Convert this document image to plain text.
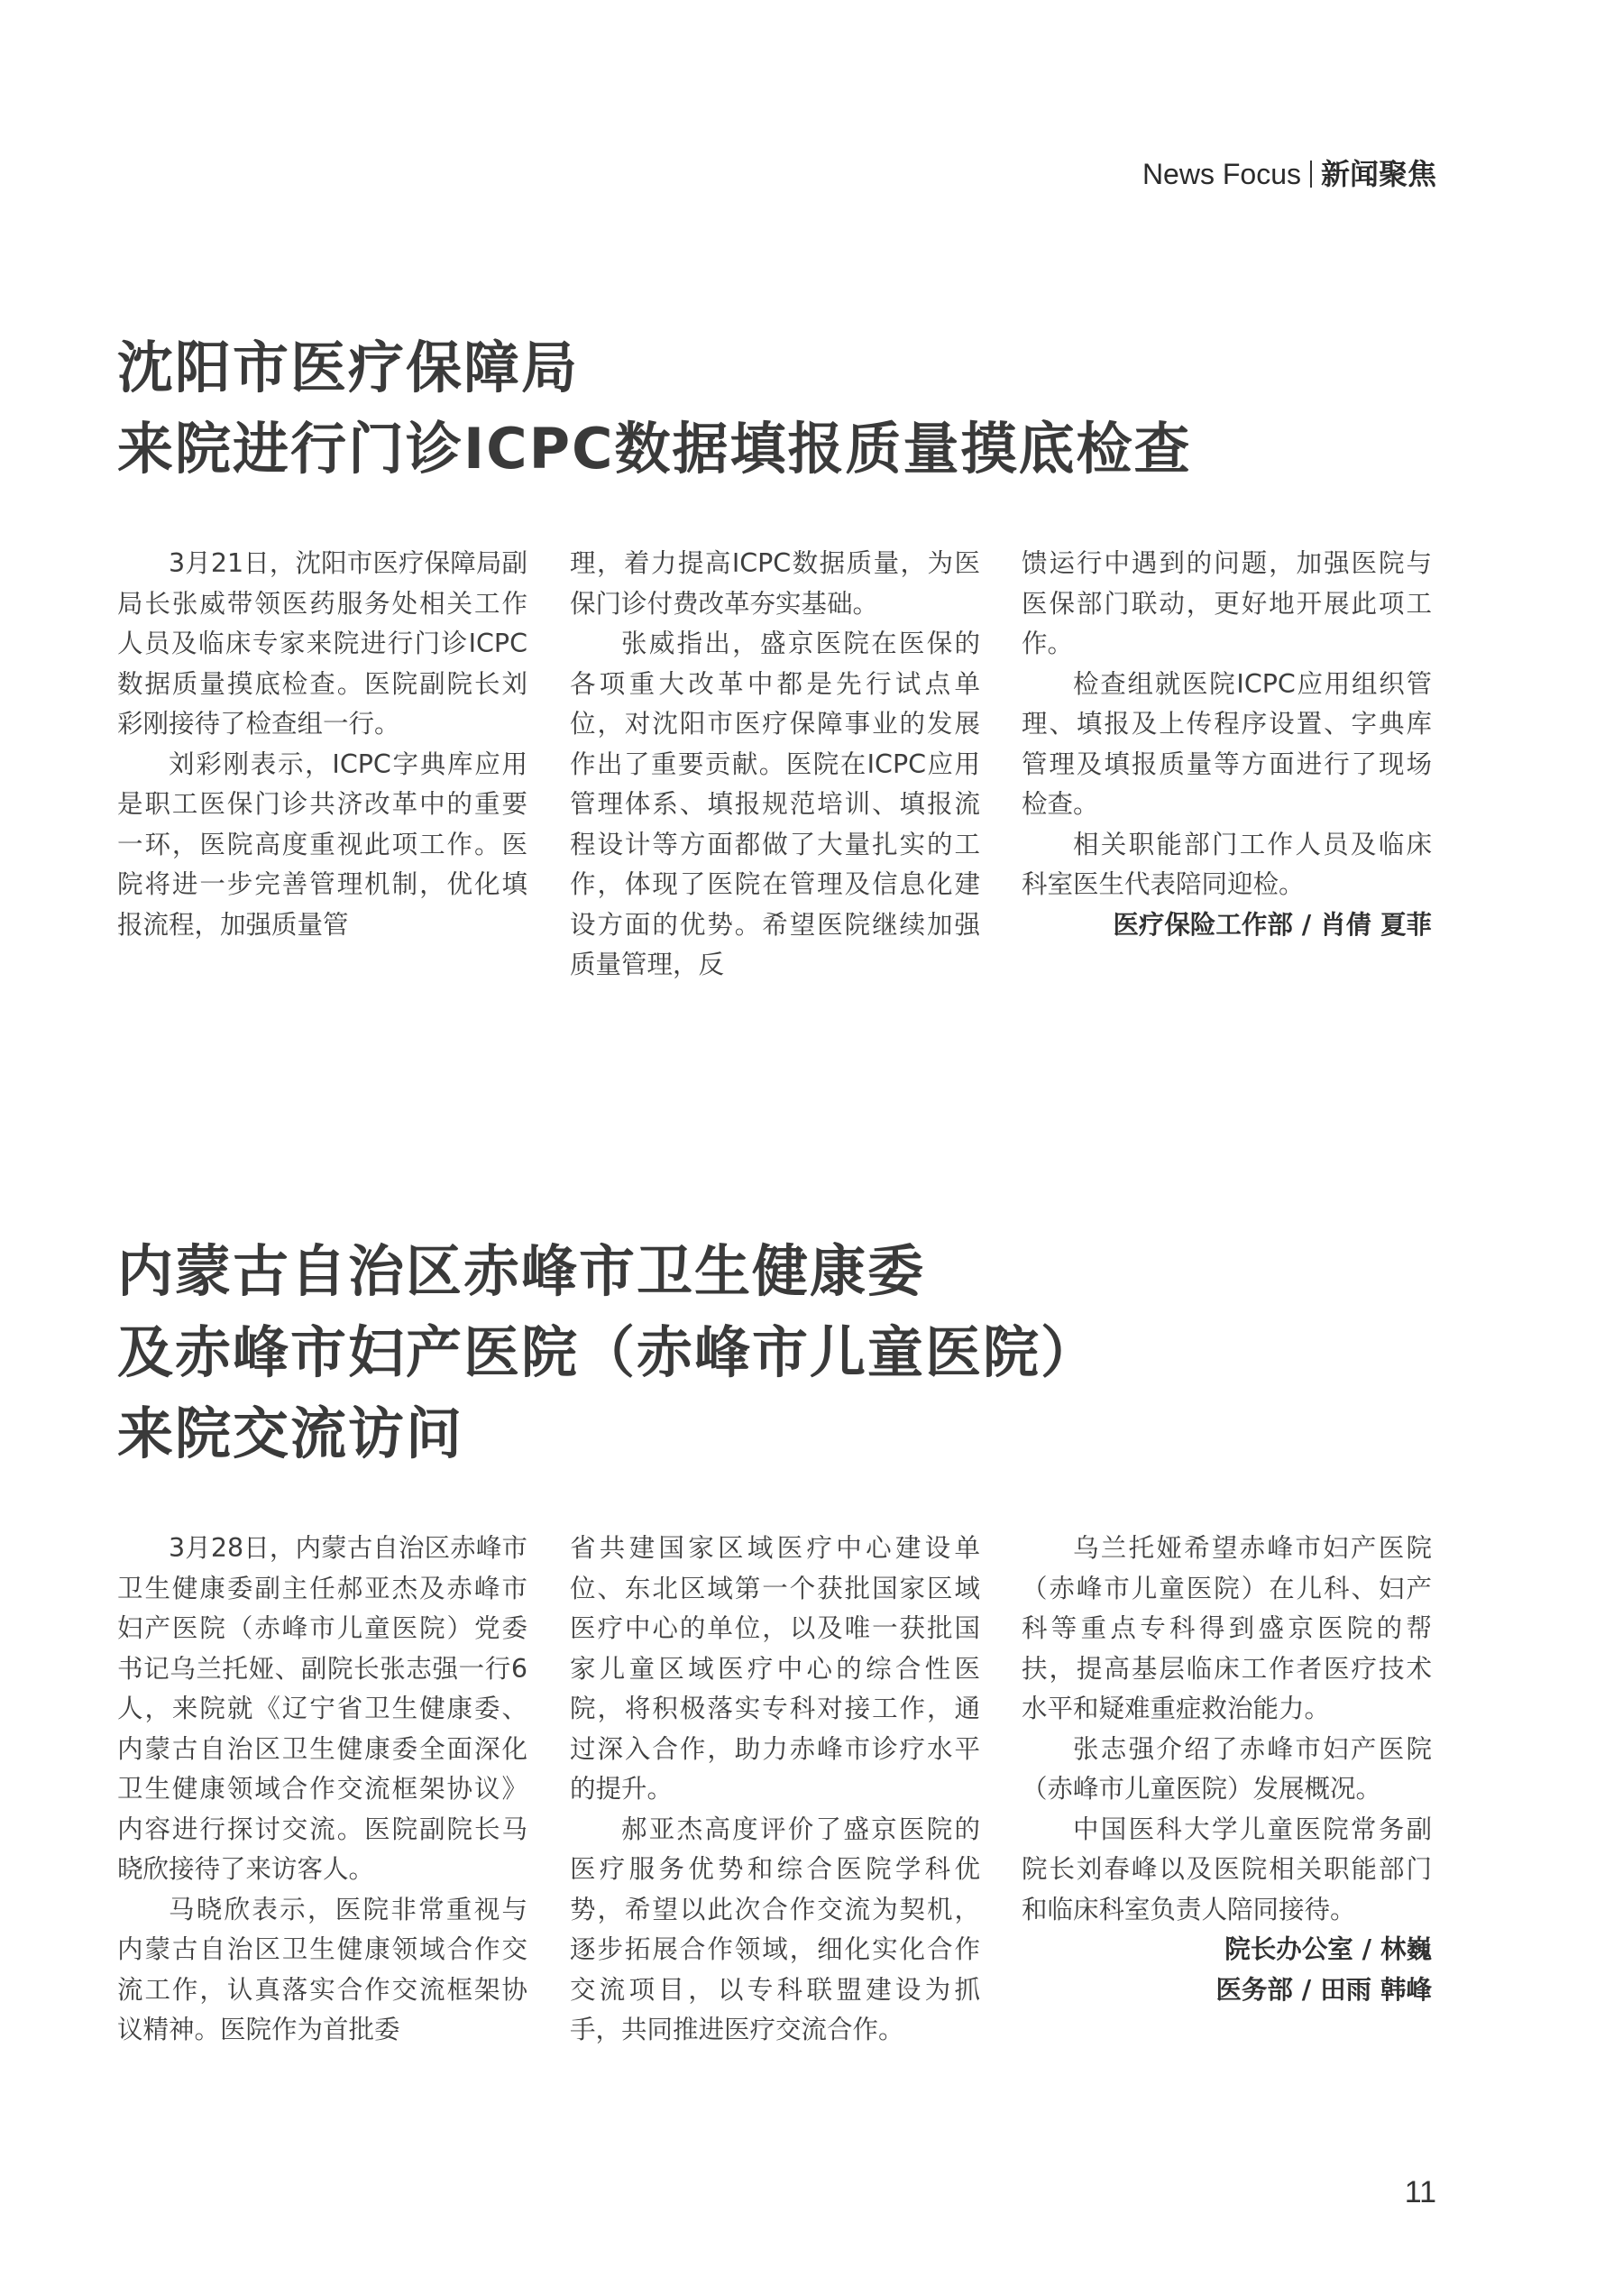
News Focus 新闻聚焦
沈阳市医疗保障局
来院进行门诊ICPC数据填报质量摸底检查

3月21日，沈阳市医疗保障局副局长张威带领医药服务处相关工作人员及临床专家来院进行门诊ICPC数据质量摸底检查。医院副院长刘彩刚接待了检查组一行。

刘彩刚表示，ICPC字典库应用是职工医保门诊共济改革中的重要一环，医院高度重视此项工作。医院将进一步完善管理机制，优化填报流程，加强质量管

理，着力提高ICPC数据质量，为医保门诊付费改革夯实基础。

张威指出，盛京医院在医保的各项重大改革中都是先行试点单位，对沈阳市医疗保障事业的发展作出了重要贡献。医院在ICPC应用管理体系、填报规范培训、填报流程设计等方面都做了大量扎实的工作，体现了医院在管理及信息化建设方面的优势。希望医院继续加强质量管理，反

馈运行中遇到的问题，加强医院与医保部门联动，更好地开展此项工作。

检查组就医院ICPC应用组织管理、填报及上传程序设置、字典库管理及填报质量等方面进行了现场检查。

相关职能部门工作人员及临床科室医生代表陪同迎检。

医疗保险工作部 / 肖倩 夏菲

内蒙古自治区赤峰市卫生健康委
及赤峰市妇产医院（赤峰市儿童医院）
来院交流访问

3月28日，内蒙古自治区赤峰市卫生健康委副主任郝亚杰及赤峰市妇产医院（赤峰市儿童医院）党委书记乌兰托娅、副院长张志强一行6人，来院就《辽宁省卫生健康委、内蒙古自治区卫生健康委全面深化卫生健康领域合作交流框架协议》内容进行探讨交流。医院副院长马晓欣接待了来访客人。

马晓欣表示，医院非常重视与内蒙古自治区卫生健康领域合作交流工作，认真落实合作交流框架协议精神。医院作为首批委

省共建国家区域医疗中心建设单位、东北区域第一个获批国家区域医疗中心的单位，以及唯一获批国家儿童区域医疗中心的综合性医院，将积极落实专科对接工作，通过深入合作，助力赤峰市诊疗水平的提升。

郝亚杰高度评价了盛京医院的医疗服务优势和综合医院学科优势，希望以此次合作交流为契机，逐步拓展合作领域，细化实化合作交流项目，以专科联盟建设为抓手，共同推进医疗交流合作。

乌兰托娅希望赤峰市妇产医院（赤峰市儿童医院）在儿科、妇产科等重点专科得到盛京医院的帮扶，提高基层临床工作者医疗技术水平和疑难重症救治能力。

张志强介绍了赤峰市妇产医院（赤峰市儿童医院）发展概况。

中国医科大学儿童医院常务副院长刘春峰以及医院相关职能部门和临床科室负责人陪同接待。

院长办公室 / 林巍

医务部 / 田雨 韩峰

11
